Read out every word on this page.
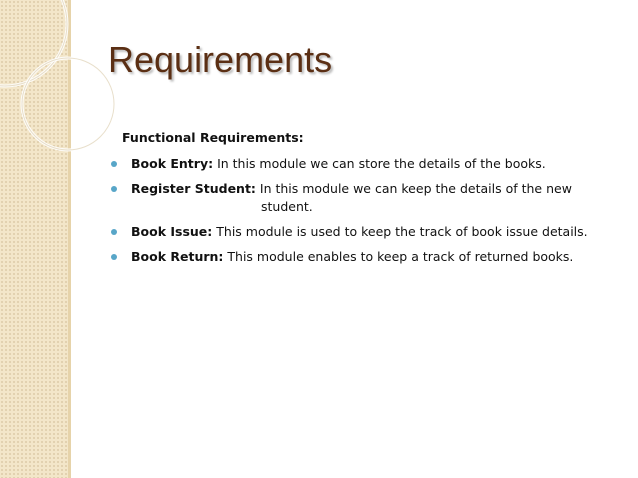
Requirements
Functional Requirements:
Book Entry: In this module we can store the details of the books.
Register Student: In this module we can keep the details of the new
student.
Book Issue: This module is used to keep the track of book issue details.
Book Return: This module enables to keep a track of returned books.
